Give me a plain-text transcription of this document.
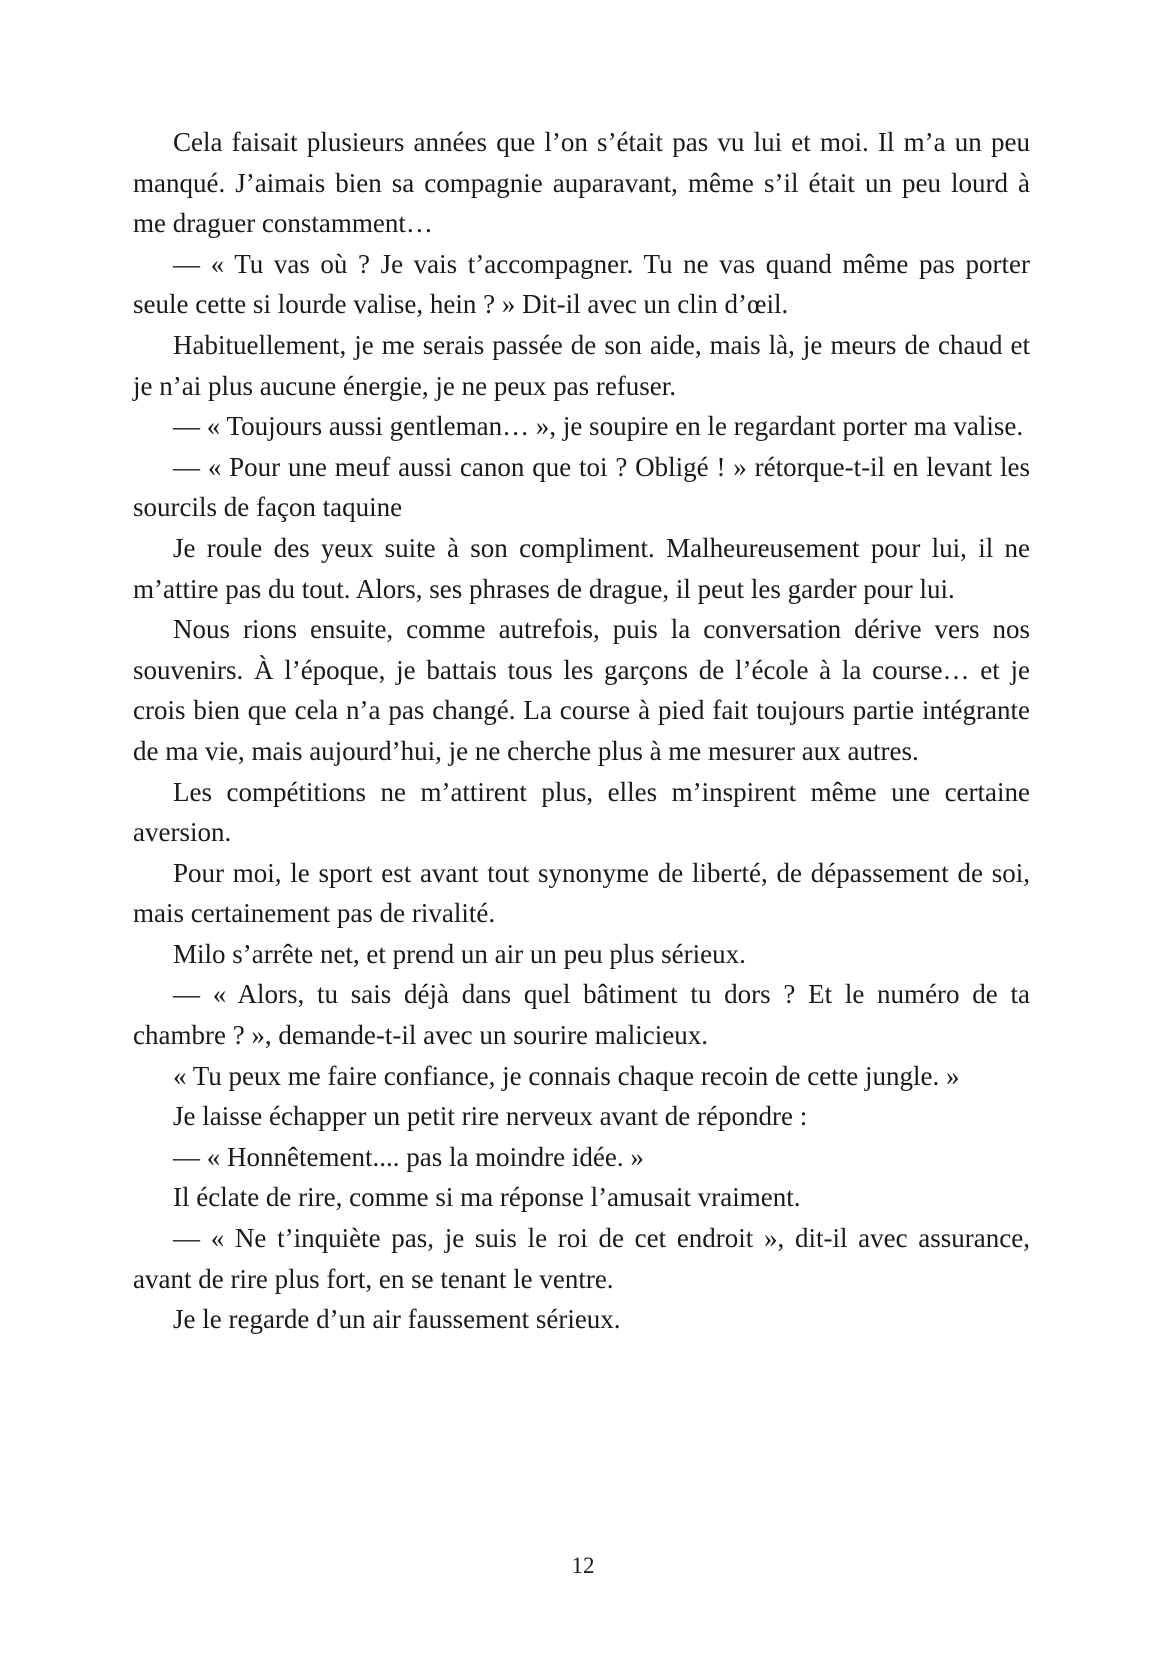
Cela faisait plusieurs années que l’on s’était pas vu lui et moi. Il m’a un peu manqué. J’aimais bien sa compagnie auparavant, même s’il était un peu lourd à me draguer constamment…

— « Tu vas où ? Je vais t’accompagner. Tu ne vas quand même pas porter seule cette si lourde valise, hein ? » Dit-il avec un clin d’œil.

Habituellement, je me serais passée de son aide, mais là, je meurs de chaud et je n’ai plus aucune énergie, je ne peux pas refuser.

— « Toujours aussi gentleman… », je soupire en le regardant porter ma valise.

— « Pour une meuf aussi canon que toi ? Obligé ! » rétorque-t-il en levant les sourcils de façon taquine

Je roule des yeux suite à son compliment. Malheureusement pour lui, il ne m’attire pas du tout. Alors, ses phrases de drague, il peut les garder pour lui.

Nous rions ensuite, comme autrefois, puis la conversation dérive vers nos souvenirs. À l’époque, je battais tous les garçons de l’école à la course… et je crois bien que cela n’a pas changé. La course à pied fait toujours partie intégrante de ma vie, mais aujourd’hui, je ne cherche plus à me mesurer aux autres.

Les compétitions ne m’attirent plus, elles m’inspirent même une certaine aversion.

Pour moi, le sport est avant tout synonyme de liberté, de dépassement de soi, mais certainement pas de rivalité.

Milo s’arrête net, et prend un air un peu plus sérieux.

— « Alors, tu sais déjà dans quel bâtiment tu dors ? Et le numéro de ta chambre ? », demande-t-il avec un sourire malicieux.

« Tu peux me faire confiance, je connais chaque recoin de cette jungle. »

Je laisse échapper un petit rire nerveux avant de répondre :

— « Honnêtement.... pas la moindre idée. »

Il éclate de rire, comme si ma réponse l’amusait vraiment.

— « Ne t’inquiète pas, je suis le roi de cet endroit », dit-il avec assurance, avant de rire plus fort, en se tenant le ventre.

Je le regarde d’un air faussement sérieux.

12
